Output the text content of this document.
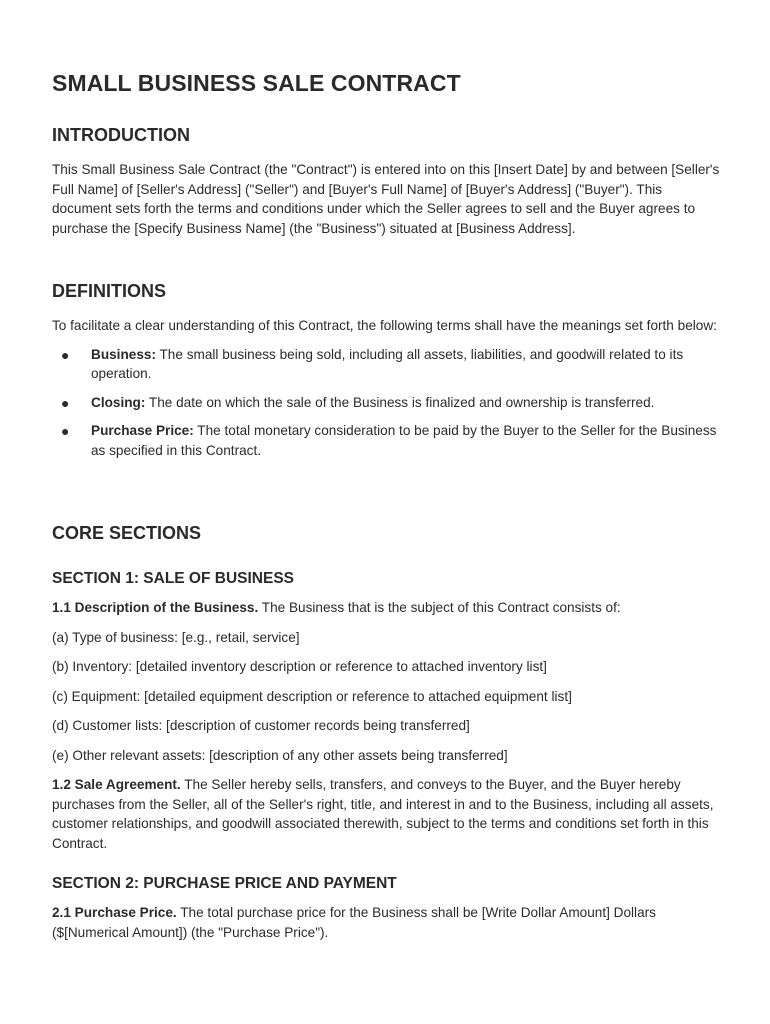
SMALL BUSINESS SALE CONTRACT
INTRODUCTION

This Small Business Sale Contract (the "Contract") is entered into on this [Insert Date] by and between [Seller's Full Name] of [Seller's Address] ("Seller") and [Buyer's Full Name] of [Buyer's Address] ("Buyer"). This document sets forth the terms and conditions under which the Seller agrees to sell and the Buyer agrees to purchase the [Specify Business Name] (the "Business") situated at [Business Address].

DEFINITIONS

To facilitate a clear understanding of this Contract, the following terms shall have the meanings set forth below:

● Business: The small business being sold, including all assets, liabilities, and goodwill related to its operation.
● Closing: The date on which the sale of the Business is finalized and ownership is transferred.
● Purchase Price: The total monetary consideration to be paid by the Buyer to the Seller for the Business as specified in this Contract.
CORE SECTIONS
SECTION 1: SALE OF BUSINESS

1.1 Description of the Business. The Business that is the subject of this Contract consists of:

(a) Type of business: [e.g., retail, service]
(b) Inventory: [detailed inventory description or reference to attached inventory list]
(c) Equipment: [detailed equipment description or reference to attached equipment list]
(d) Customer lists: [description of customer records being transferred]
(e) Other relevant assets: [description of any other assets being transferred]

1.2 Sale Agreement. The Seller hereby sells, transfers, and conveys to the Buyer, and the Buyer hereby purchases from the Seller, all of the Seller's right, title, and interest in and to the Business, including all assets, customer relationships, and goodwill associated therewith, subject to the terms and conditions set forth in this Contract.

SECTION 2: PURCHASE PRICE AND PAYMENT

2.1 Purchase Price. The total purchase price for the Business shall be [Write Dollar Amount] Dollars ($[Numerical Amount]) (the "Purchase Price").
